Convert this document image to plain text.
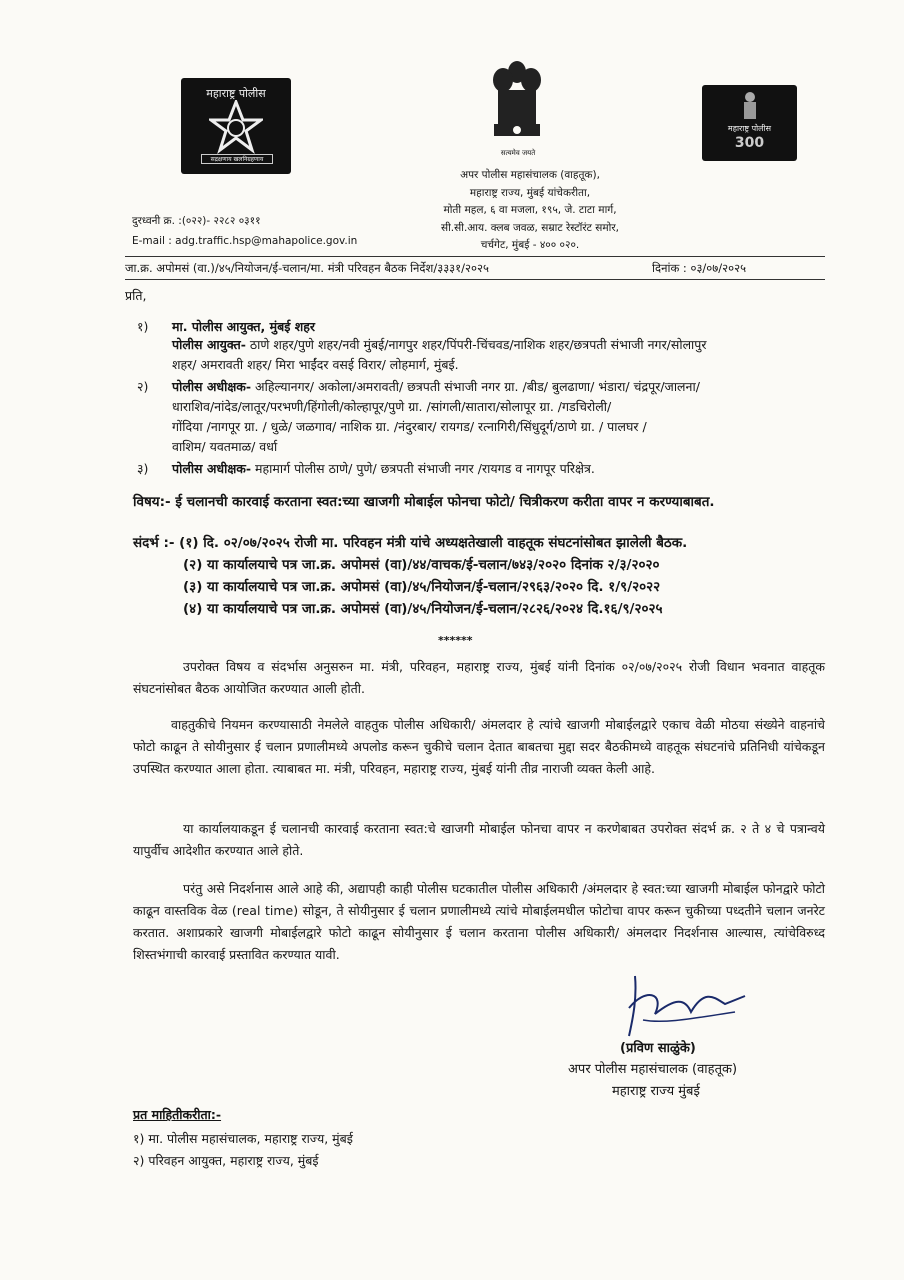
महाराष्ट्र पोलीस
सद्रक्षणाय खलनिग्रहणाय
सत्यमेव जयते
महाराष्ट्र पोलीस
300
दुरध्वनी क्र. :(०२२)- २२८२ ०३११
E-mail : adg.traffic.hsp@mahapolice.gov.in
अपर पोलीस महासंचालक (वाहतूक),
महाराष्ट्र राज्य, मुंबई यांचेकरीता,
मोती महल, ६ वा मजला, १९५, जे. टाटा मार्ग,
सी.सी.आय. क्लब जवळ, सम्राट रेस्टॉरंट समोर,
चर्चगेट, मुंबई - ४०० ०२०.
जा.क्र. अपोमसं (वा.)/४५/नियोजन/ई-चलान/मा. मंत्री परिवहन बैठक निर्देश/३३३१/२०२५	दिनांक : ०३/०७/२०२५
प्रति,
१) मा. पोलीस आयुक्त, मुंबई शहर
पोलीस आयुक्त- ठाणे शहर/पुणे शहर/नवी मुंबई/नागपुर शहर/पिंपरी-चिंचवड/नाशिक शहर/छत्रपती संभाजी नगर/सोलापुर
शहर/ अमरावती शहर/ मिरा भाईंदर वसई विरार/ लोहमार्ग, मुंबई.
२) पोलीस अधीक्षक- अहिल्यानगर/ अकोला/अमरावती/ छत्रपती संभाजी नगर ग्रा. /बीड/ बुलढाणा/ भंडारा/ चंद्रपूर/जालना/
धाराशिव/नांदेड/लातूर/परभणी/हिंगोली/कोल्हापूर/पुणे ग्रा. /सांगली/सातारा/सोलापूर ग्रा. /गडचिरोली/
गोंदिया /नागपूर ग्रा. / धुळे/ जळगाव/ नाशिक ग्रा. /नंदुरबार/ रायगड/ रत्नागिरी/सिंधुदूर्ग/ठाणे ग्रा. / पालघर /
वाशिम/ यवतमाळ/ वर्धा
३) पोलीस अधीक्षक- महामार्ग पोलीस ठाणे/ पुणे/ छत्रपती संभाजी नगर /रायगड व नागपूर परिक्षेत्र.
विषय:- ई चलानची कारवाई करताना स्वत:च्या खाजगी मोबाईल फोनचा फोटो/ चित्रीकरण करीता वापर न करण्याबाबत.
संदर्भ :- (१) दि. ०२/०७/२०२५ रोजी मा. परिवहन मंत्री यांचे अध्यक्षतेखाली वाहतूक संघटनांसोबत झालेली बैठक.
(२) या कार्यालयाचे पत्र जा.क्र. अपोमसं (वा)/४४/वाचक/ई-चलान/७४३/२०२० दिनांक २/३/२०२०
(३) या कार्यालयाचे पत्र जा.क्र. अपोमसं (वा)/४५/नियोजन/ई-चलान/२९६३/२०२० दि. १/९/२०२२
(४) या कार्यालयाचे पत्र जा.क्र. अपोमसं (वा)/४५/नियोजन/ई-चलान/२८२६/२०२४ दि.१६/९/२०२५
******
उपरोक्त विषय व संदर्भास अनुसरुन मा. मंत्री, परिवहन, महाराष्ट्र राज्य, मुंबई यांनी दिनांक ०२/०७/२०२५ रोजी विधान भवनात वाहतूक संघटनांसोबत बैठक आयोजित करण्यात आली होती.
वाहतुकीचे नियमन करण्यासाठी नेमलेले वाहतुक पोलीस अधिकारी/ अंमलदार हे त्यांचे खाजगी मोबाईलद्वारे एकाच वेळी मोठया संख्येने वाहनांचे फोटो काढून ते सोयीनुसार ई चलान प्रणालीमध्ये अपलोड करून चुकीचे चलान देतात बाबतचा मुद्दा सदर बैठकीमध्ये वाहतूक संघटनांचे प्रतिनिधी यांचेकडून उपस्थित करण्यात आला होता. त्याबाबत मा. मंत्री, परिवहन, महाराष्ट्र राज्य, मुंबई यांनी तीव्र नाराजी व्यक्त केली आहे.
या कार्यालयाकडून ई चलानची कारवाई करताना स्वत:चे खाजगी मोबाईल फोनचा वापर न करणेबाबत उपरोक्त संदर्भ क्र. २ ते ४ चे पत्रान्वये यापुर्वीच आदेशीत करण्यात आले होते.
परंतु असे निदर्शनास आले आहे की, अद्यापही काही पोलीस घटकातील पोलीस अधिकारी /अंमलदार हे स्वत:च्या खाजगी मोबाईल फोनद्वारे फोटो काढून वास्तविक वेळ (real time) सोडून, ते सोयीनुसार ई चलान प्रणालीमध्ये त्यांचे मोबाईलमधील फोटोचा वापर करून चुकीच्या पध्दतीने चलान जनरेट करतात. अशाप्रकारे खाजगी मोबाईलद्वारे फोटो काढून सोयीनुसार ई चलान करताना पोलीस अधिकारी/ अंमलदार निदर्शनास आल्यास, त्यांचेविरुध्द शिस्तभंगाची कारवाई प्रस्तावित करण्यात यावी.
(प्रविण साळुंके)
अपर पोलीस महासंचालक (वाहतूक)
महाराष्ट्र राज्य मुंबई
प्रत माहितीकरीता:-
१) मा. पोलीस महासंचालक, महाराष्ट्र राज्य, मुंबई
२) परिवहन आयुक्त, महाराष्ट्र राज्य, मुंबई
